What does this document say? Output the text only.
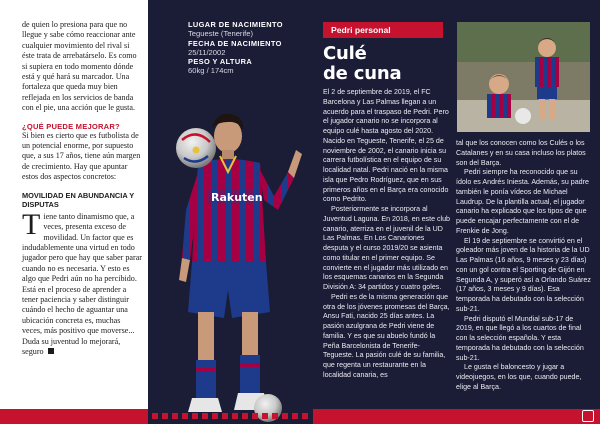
de quien lo presiona para que no llegue y sabe cómo reaccionar ante cualquier movimiento del rival si éste trata de arrebatárselo. Es como si supiera en todo momento dónde está y qué hará su marcador. Una fortaleza que queda muy bien reflejada en los servicios de banda con el pie, una acción que le gusta.

¿QUÉ PUEDE MEJORAR?

Si bien es cierto que es futbolista de un potencial enorme, por supuesto que, a sus 17 años, tiene aún margen de crecimiento. Hay que apuntar estos dos aspectos concretos:

MOVILIDAD EN ABUNDANCIA Y DISPUTAS
T iene tanto dinamismo que, a veces, presenta exceso de movilidad. Un factor que es indudablemente una virtud en todo jugador pero que hay que saber parar cuando no es necesaria. Y esto es algo que Pedri aún no ha percibido. Está en el proceso de aprender a tener paciencia y saber distinguir cuándo el hecho de aguantar una ubicación concreta es, muchas veces, más positivo que moverse... Duda su juventud lo mejorará, seguro
LUGAR DE NACIMIENTO
Tegueste (Tenerife)
FECHA DE NACIMIENTO
25/11/2002
PESO Y ALTURA
60kg / 174cm
Rakuten
Pedri personal
Culé
de cuna

El 2 de septiembre de 2019, el FC Barcelona y Las Palmas llegan a un acuerdo para el traspaso de Pedri. Pero el jugador canario no se incorpora al equipo culé hasta agosto del 2020. Nacido en Tegueste, Tenerife, el 25 de noviembre de 2002, el canario inicia su carrera futbolística en el equipo de su localidad natal. Pedri nació en la misma isla que Pedro Rodríguez, que en sus primeros años en el Barça era conocido como Pedrito.

Posteriormente se incorpora al Juventud Laguna. En 2018, en este club canario, aterriza en el juvenil de la UD Las Palmas. En Los Canariones desputa y el curso 2019/20 se asienta como titular en el primer equipo. Se convierte en el jugador más utilizado en los esquemas canarios en la Segunda División A: 34 partidos y cuatro goles.

Pedri es de la misma generación que otra de los jóvenes promesas del Barça, Ansu Fati, nacido 25 días antes. La pasión azulgrana de Pedri viene de familia. Y es que su abuelo fundó la Peña Barcelonista de Tenerife-Tegueste. La pasión culé de su familia, que regenta un restaurante en la localidad canaria, es

tal que los conocen como los Culés o los Catalanes y en su casa incluso los platos son del Barça.

Pedri siempre ha reconocido que su ídolo es Andrés Iniesta. Además, su padre también le ponía vídeos de Michael Laudrup. De la plantilla actual, el jugador canario ha explicado que los tipos de que puede encajar perfectamente con el de Frenkie de Jong.

El 19 de septiembre se convirtió en el goleador más joven de la historia de la UD Las Palmas (16 años, 9 meses y 23 días) con un gol contra el Sporting de Gijón en Segunda A, y superó así a Orlando Suárez (17 años, 3 meses y 9 días). Esa temporada ha debutado con la selección sub-21.

Pedri disputó el Mundial sub-17 de 2019, en que llegó a los cuartos de final con la selección española. Y esta temporada ha debutado con la selección sub-21.

Le gusta el baloncesto y jugar a videojuegos, en los que, cuando puede, elige al Barça.
